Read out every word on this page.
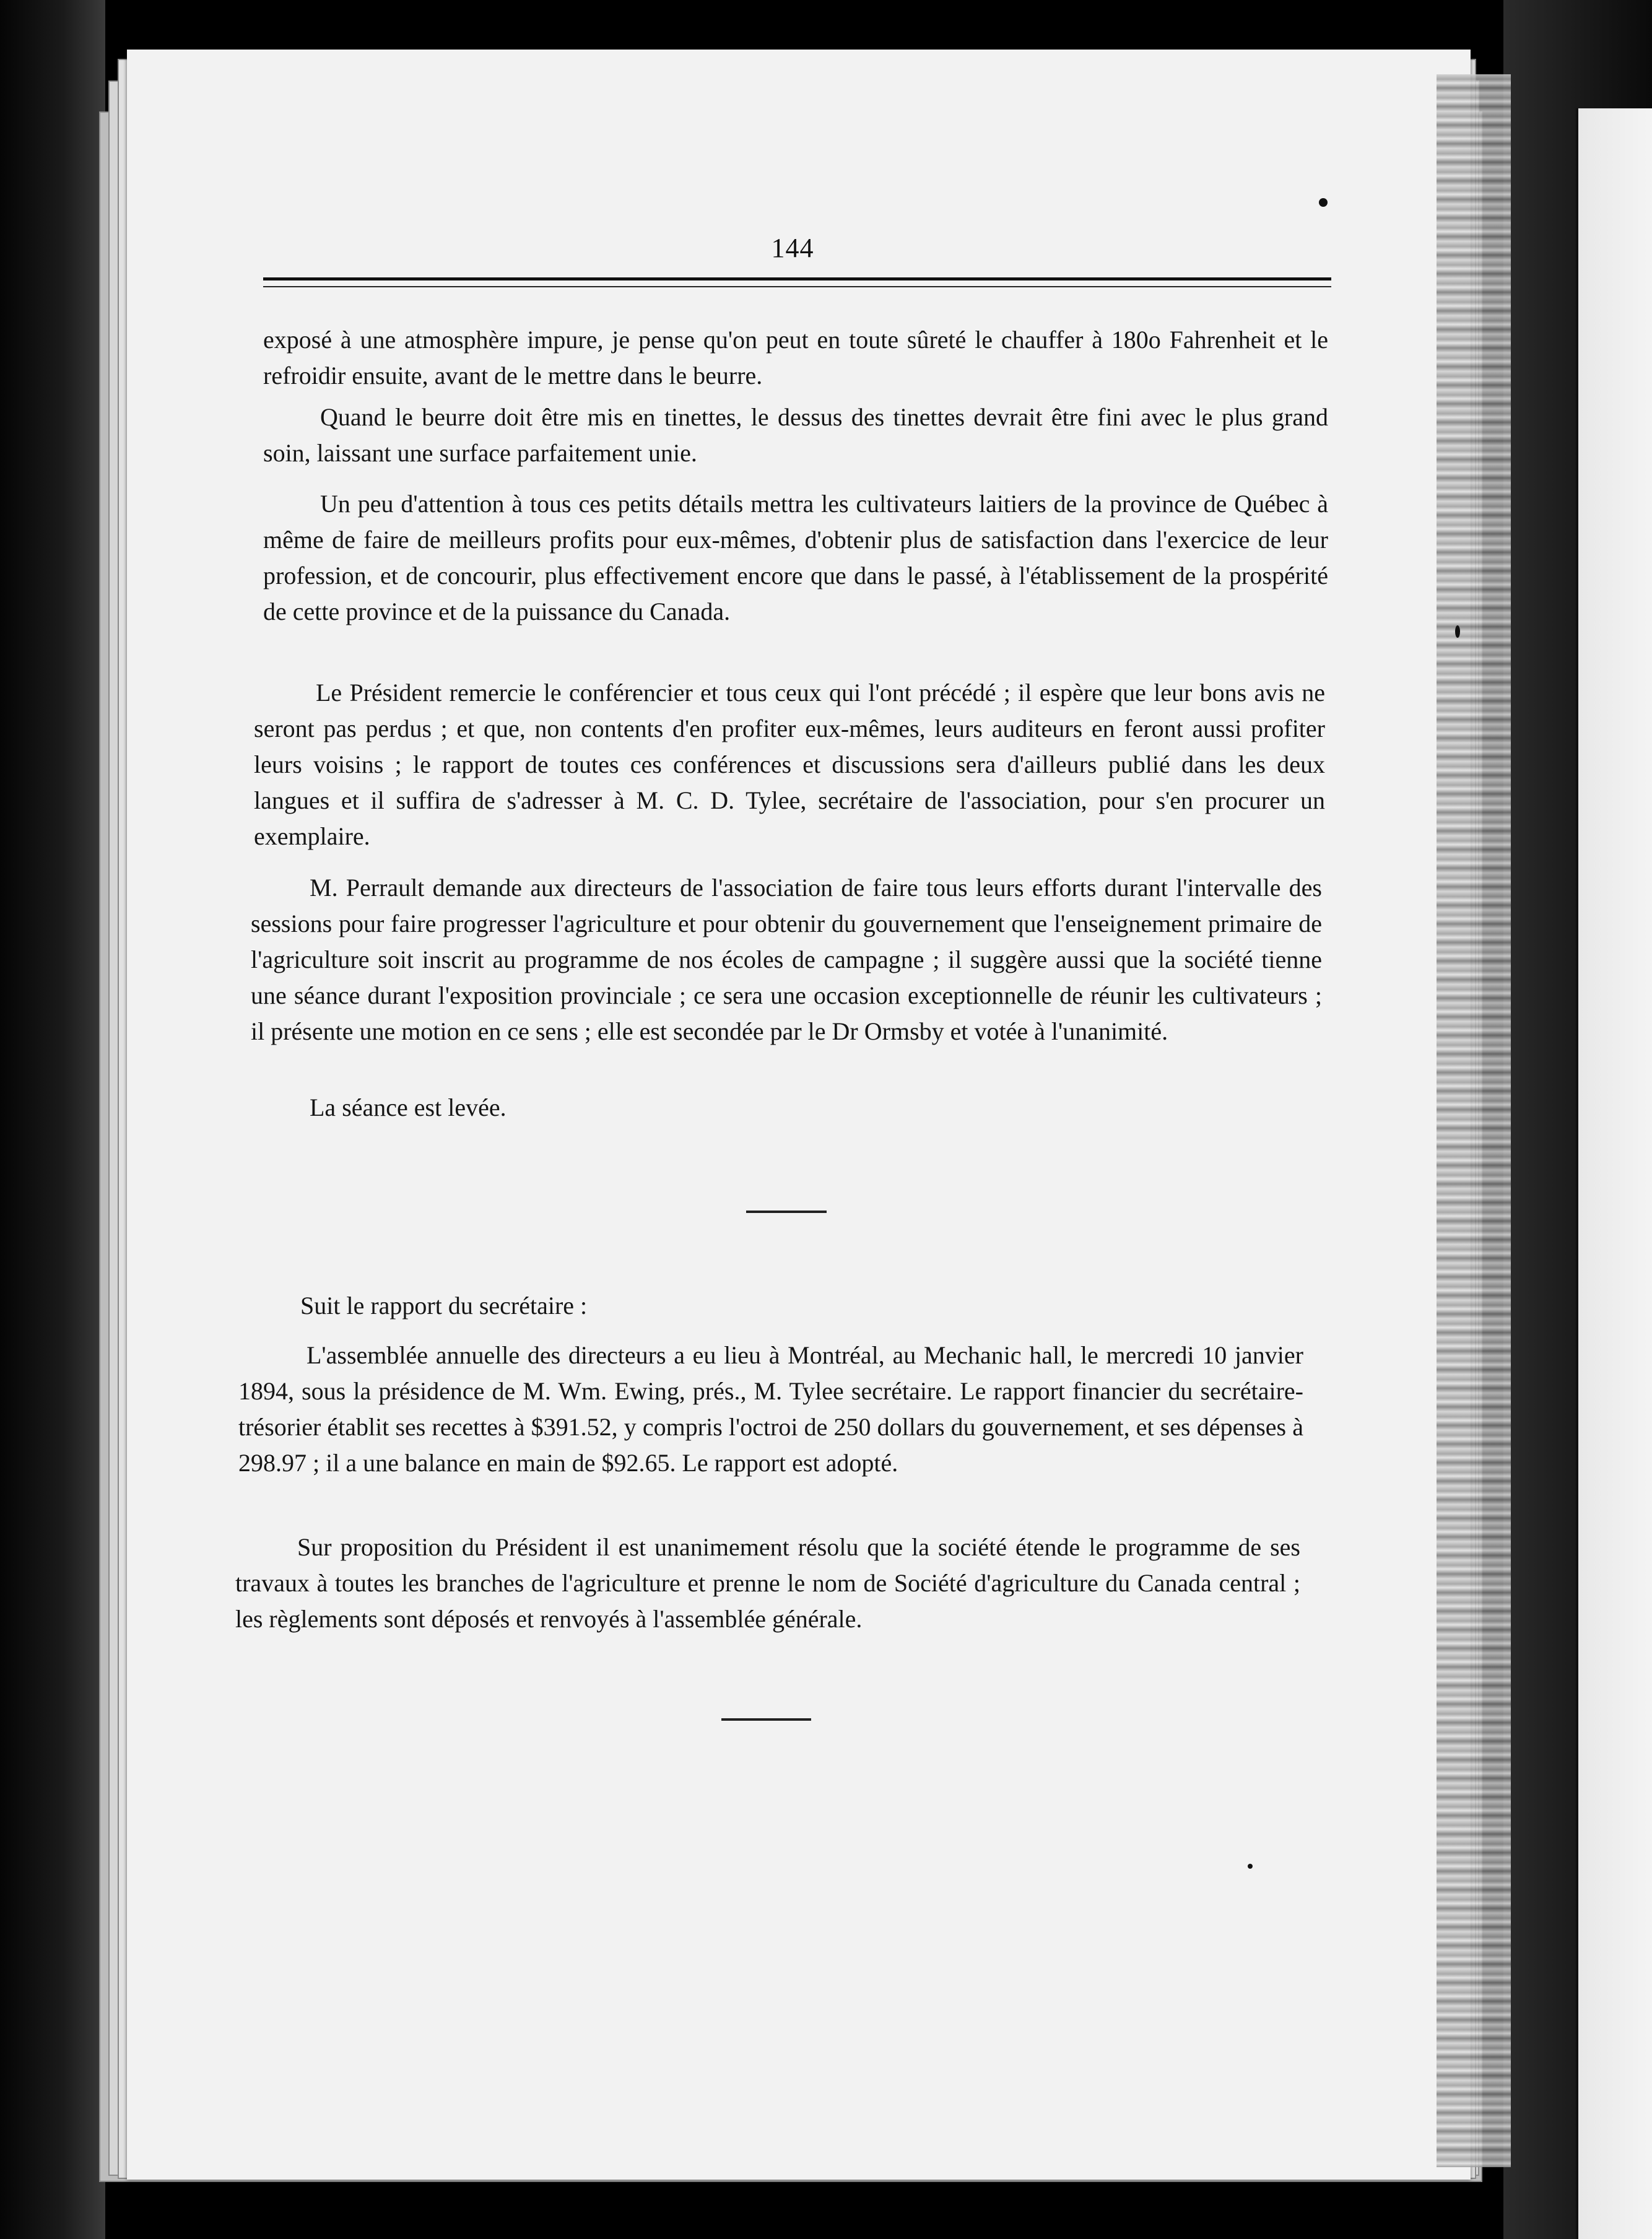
144
exposé à une atmosphère impure, je pense qu'on peut en toute sûreté le chauffer à 180o Fahrenheit et le refroidir ensuite, avant de le mettre dans le beurre.
Quand le beurre doit être mis en tinettes, le dessus des tinettes devrait être fini avec le plus grand soin, laissant une surface parfaitement unie.
Un peu d'attention à tous ces petits détails mettra les cultivateurs laitiers de la province de Québec à même de faire de meilleurs profits pour eux-mêmes, d'obtenir plus de satisfaction dans l'exercice de leur profession, et de concourir, plus effectivement encore que dans le passé, à l'établissement de la prospérité de cette province et de la puissance du Canada.
Le Président remercie le conférencier et tous ceux qui l'ont précédé ; il espère que leur bons avis ne seront pas perdus ; et que, non contents d'en profiter eux-mêmes, leurs auditeurs en feront aussi profiter leurs voisins ; le rapport de toutes ces conférences et discussions sera d'ailleurs publié dans les deux langues et il suffira de s'adresser à M. C. D. Tylee, secrétaire de l'association, pour s'en procurer un exemplaire.
M. Perrault demande aux directeurs de l'association de faire tous leurs efforts durant l'intervalle des sessions pour faire progresser l'agriculture et pour obtenir du gouvernement que l'enseignement primaire de l'agriculture soit inscrit au programme de nos écoles de campagne ; il suggère aussi que la société tienne une séance durant l'exposition provinciale ; ce sera une occasion exceptionnelle de réunir les cultivateurs ; il présente une motion en ce sens ; elle est secondée par le Dr Ormsby et votée à l'unanimité.
La séance est levée.
Suit le rapport du secrétaire :
L'assemblée annuelle des directeurs a eu lieu à Montréal, au Mechanic hall, le mercredi 10 janvier 1894, sous la présidence de M. Wm. Ewing, prés., M. Tylee secrétaire. Le rapport financier du secrétaire-trésorier établit ses recettes à $391.52, y compris l'octroi de 250 dollars du gouvernement, et ses dépenses à 298.97 ; il a une balance en main de $92.65. Le rapport est adopté.
Sur proposition du Président il est unanimement résolu que la société étende le programme de ses travaux à toutes les branches de l'agriculture et prenne le nom de Société d'agriculture du Canada central ; les règlements sont déposés et renvoyés à l'assemblée générale.
